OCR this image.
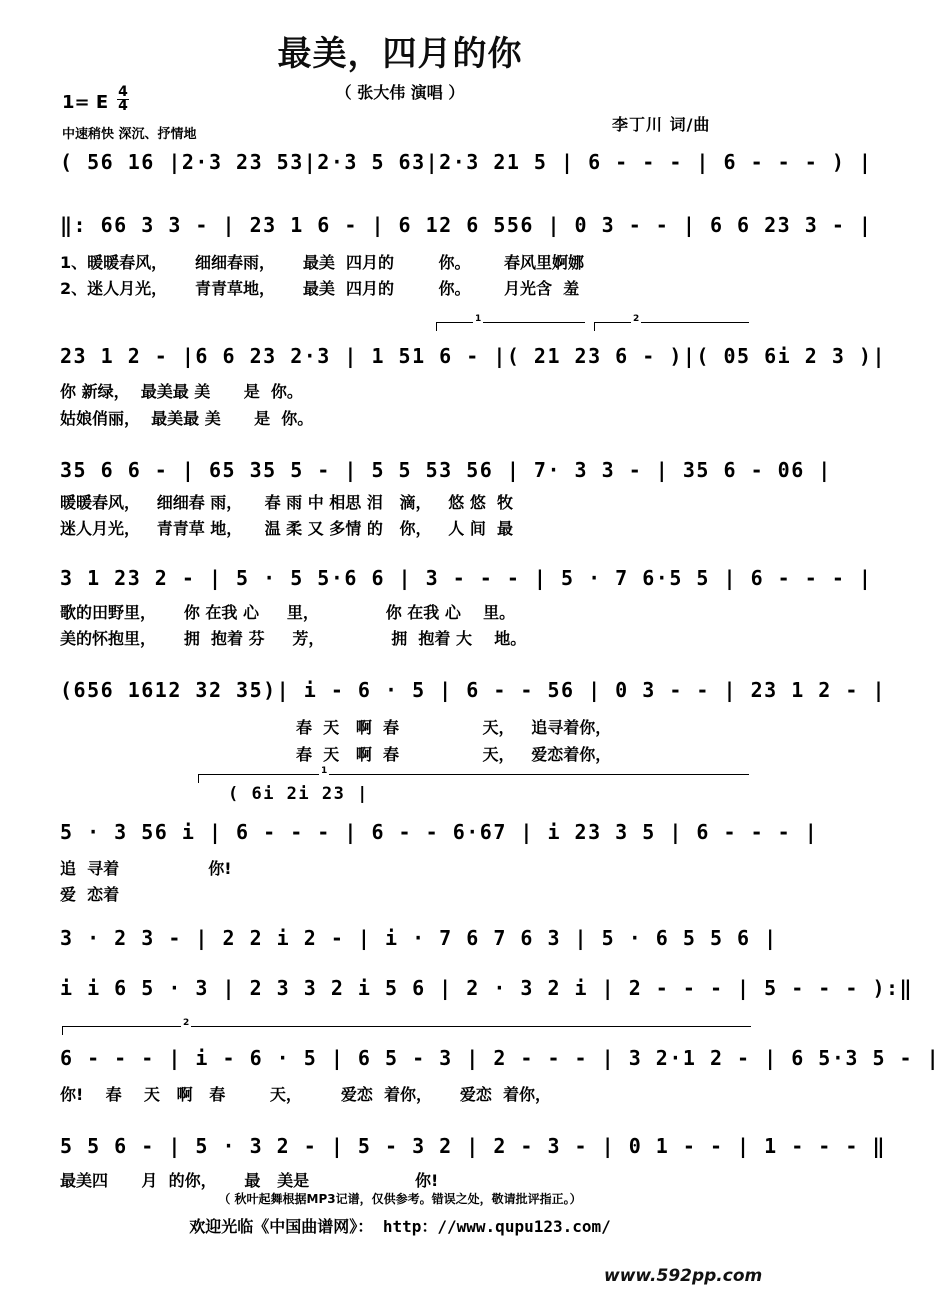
最美，四月的你
（ 张大伟 演唱 ）
1= E 4
4
中速稍快 深沉、抒情地
李丁川 词/曲
( 56 16 |2·3 23 53|2·3 5 63|2·3 21 5 | 6 - - - | 6 - - - ) |
‖: 66 3 3 - | 23 1 6 - | 6 12 6 556 | 0 3 - - | 6 6 23 3 - |
1、暖暖春风，     细细春雨，     最美  四月的        你。      春风里婀娜
2、迷人月光，     青青草地，     最美  四月的        你。      月光含  羞
1	2
23 1 2 - |6 6 23 2·3 | 1 51 6 - |( 21 23 6 - )|( 05 6i 2 3 )|
你 新绿，  最美最 美      是  你。
姑娘俏丽，  最美最 美      是  你。
35 6 6 - | 65 35 5 - | 5 5 53 56 | 7· 3 3 - | 35 6 - 06 |
暖暖春风，   细细春 雨，    春 雨 中 相思 泪   滴，   悠 悠  牧
迷人月光，   青青草 地，    温 柔 又 多情 的   你，   人 间  最
3 1 23 2 - | 5 · 5 5·6 6 | 3 - - - | 5 · 7 6·5 5 | 6 - - - |
歌的田野里，     你 在我 心     里，            你 在我 心    里。
美的怀抱里，     拥  抱着 芬     芳，            拥  抱着 大    地。
(656 1612 32 35)| i - 6 · 5 | 6 - - 56 | 0 3 - - | 23 1 2 - |
春  天   啊  春               天，   追寻着你，
春  天   啊  春               天，   爱恋着你，
1
( 6i 2i 23 |
5 · 3 56 i | 6 - - - | 6 - - 6·67 | i 23 3 5 | 6 - - - |
追  寻着                你!
爱  恋着
3 · 2 3 - | 2 2 i 2 - | i · 7 6 7 6 3 | 5 · 6 5 5 6 |
i i 6 5 · 3 | 2 3 3 2 i 5 6 | 2 · 3 2 i | 2 - - - | 5 - - - ):‖
2
6 - - - | i - 6 · 5 | 6 5 - 3 | 2 - - - | 3 2·1 2 - | 6 5·3 5 - |
你!    春    天   啊   春        天，       爱恋  着你，     爱恋  着你，
5 5 6 - | 5 · 3 2 - | 5 - 3 2 | 2 - 3 - | 0 1 - - | 1 - - - ‖
最美四      月  的你，     最   美是                   你!
（ 秋叶起舞根据MP3记谱，仅供参考。错误之处，敬请批评指正。）
欢迎光临《中国曲谱网》： http：//www.qupu123.com/
www.592pp.com
